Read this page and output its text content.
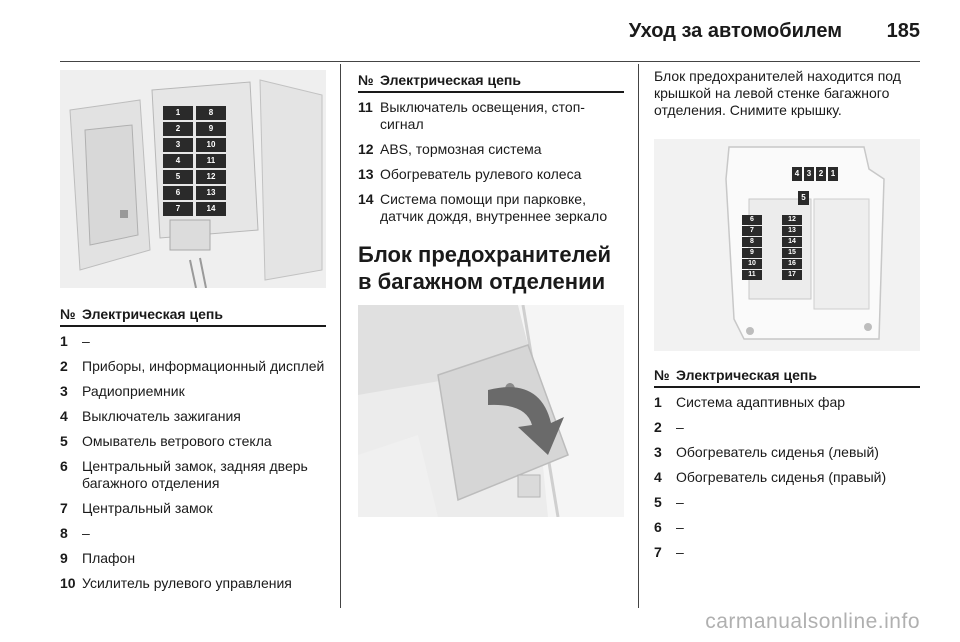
Уход за автомобилем 185
1
2
3
4
5
6
7
8
9
10
11
12
13
14
№ Электрическая цепь
1	–
2	Приборы, информационный дисплей
3	Радиоприемник
4	Выключатель зажигания
5	Омыватель ветрового стекла
6	Центральный замок, задняя дверь багажного отделения
7	Центральный замок
8	–
9	Плафон
10 Усилитель рулевого управления
№ Электрическая цепь
11 Выключатель освещения, стоп-сигнал
12 ABS, тормозная система
13 Обогреватель рулевого колеса
14 Система помощи при парковке, датчик дождя, внутреннее зеркало
Блок предохранителей в багажном отделении
Блок предохранителей находится под крышкой на левой стенке багажного отделения. Снимите крышку.
4 3 2 1
5
6
7
8
9
10
11
12
13
14
15
16
17
№ Электрическая цепь
1	Система адаптивных фар
2	–
3	Обогреватель сиденья (левый)
4	Обогреватель сиденья (правый)
5	–
6	–
7	–
carmanualsonline.info
